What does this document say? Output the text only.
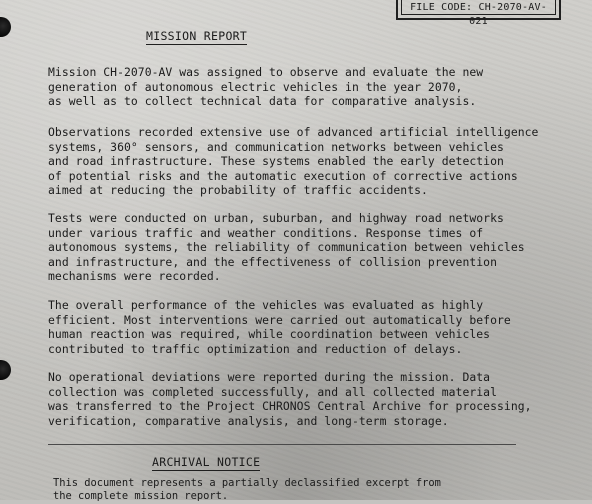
FILE CODE: CH-2070-AV-021
MISSION REPORT

Mission CH-2070-AV was assigned to observe and evaluate the new
generation of autonomous electric vehicles in the year 2070,
as well as to collect technical data for comparative analysis.

Observations recorded extensive use of advanced artificial intelligence
systems, 360° sensors, and communication networks between vehicles
and road infrastructure. These systems enabled the early detection
of potential risks and the automatic execution of corrective actions
aimed at reducing the probability of traffic accidents.

Tests were conducted on urban, suburban, and highway road networks
under various traffic and weather conditions. Response times of
autonomous systems, the reliability of communication between vehicles
and infrastructure, and the effectiveness of collision prevention
mechanisms were recorded.

The overall performance of the vehicles was evaluated as highly
efficient. Most interventions were carried out automatically before
human reaction was required, while coordination between vehicles
contributed to traffic optimization and reduction of delays.

No operational deviations were reported during the mission. Data
collection was completed successfully, and all collected material
was transferred to the Project CHRONOS Central Archive for processing,
verification, comparative analysis, and long-term storage.

ARCHIVAL NOTICE

This document represents a partially declassified excerpt from
the complete mission report.
